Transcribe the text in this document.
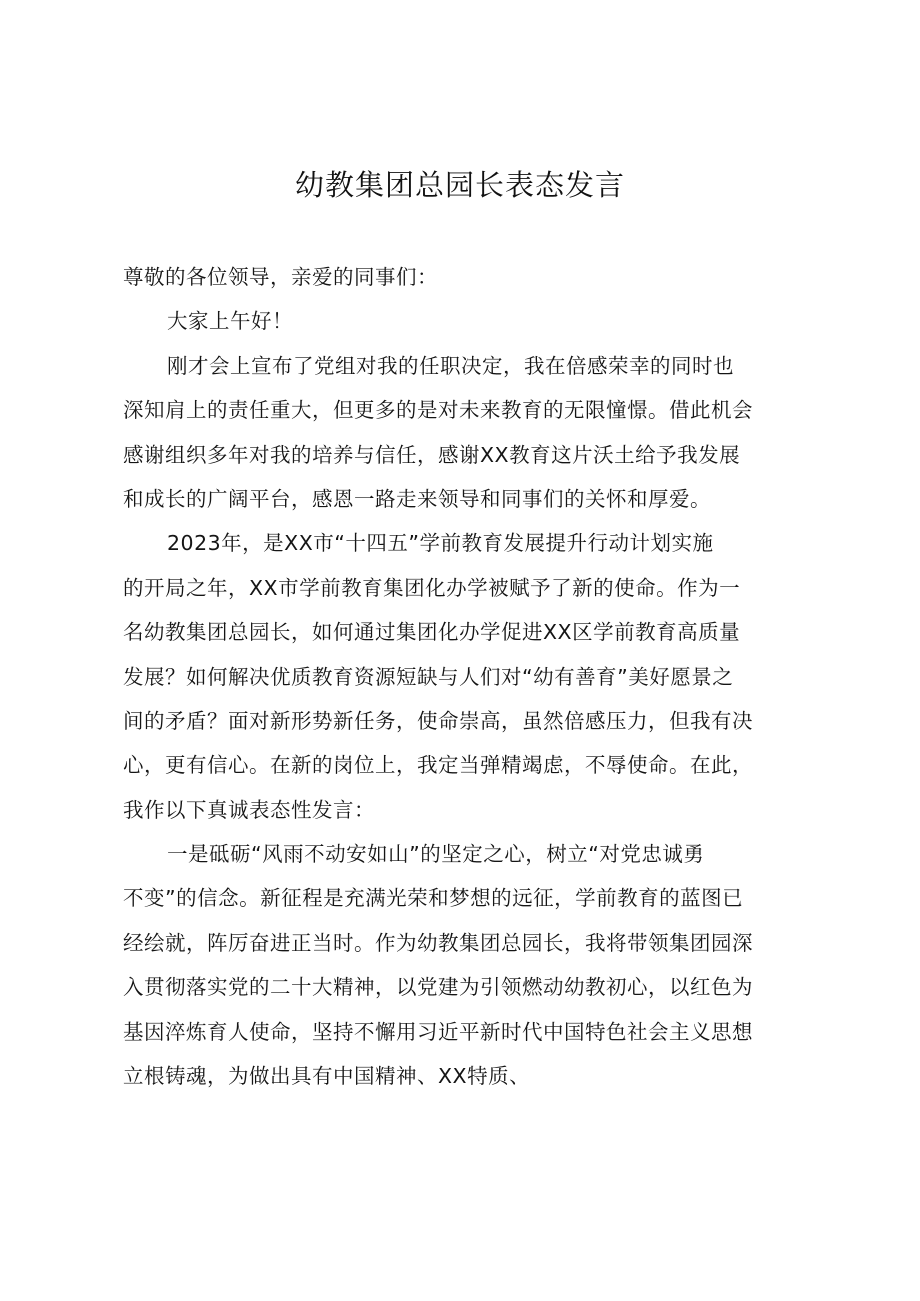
幼教集团总园长表态发言
尊敬的各位领导，亲爱的同事们：
大家上午好！
刚才会上宣布了党组对我的任职决定，我在倍感荣幸的同时也
深知肩上的责任重大，但更多的是对未来教育的无限憧憬。借此机会
感谢组织多年对我的培养与信任，感谢XX教育这片沃土给予我发展
和成长的广阔平台，感恩一路走来领导和同事们的关怀和厚爱。
2023年，是XX市“十四五”学前教育发展提升行动计划实施
的开局之年，XX市学前教育集团化办学被赋予了新的使命。作为一
名幼教集团总园长，如何通过集团化办学促进XX区学前教育高质量
发展？如何解决优质教育资源短缺与人们对“幼有善育”美好愿景之
间的矛盾？面对新形势新任务，使命崇高，虽然倍感压力，但我有决
心，更有信心。在新的岗位上，我定当弹精竭虑，不辱使命。在此，
我作以下真诚表态性发言：
一是砥砺“风雨不动安如山”的坚定之心，树立“对党忠诚勇
不变”的信念。新征程是充满光荣和梦想的远征，学前教育的蓝图已
经绘就，阵厉奋进正当时。作为幼教集团总园长，我将带领集团园深
入贯彻落实党的二十大精神，以党建为引领燃动幼教初心，以红色为
基因淬炼育人使命，坚持不懈用习近平新时代中国特色社会主义思想
立根铸魂，为做出具有中国精神、XX特质、
